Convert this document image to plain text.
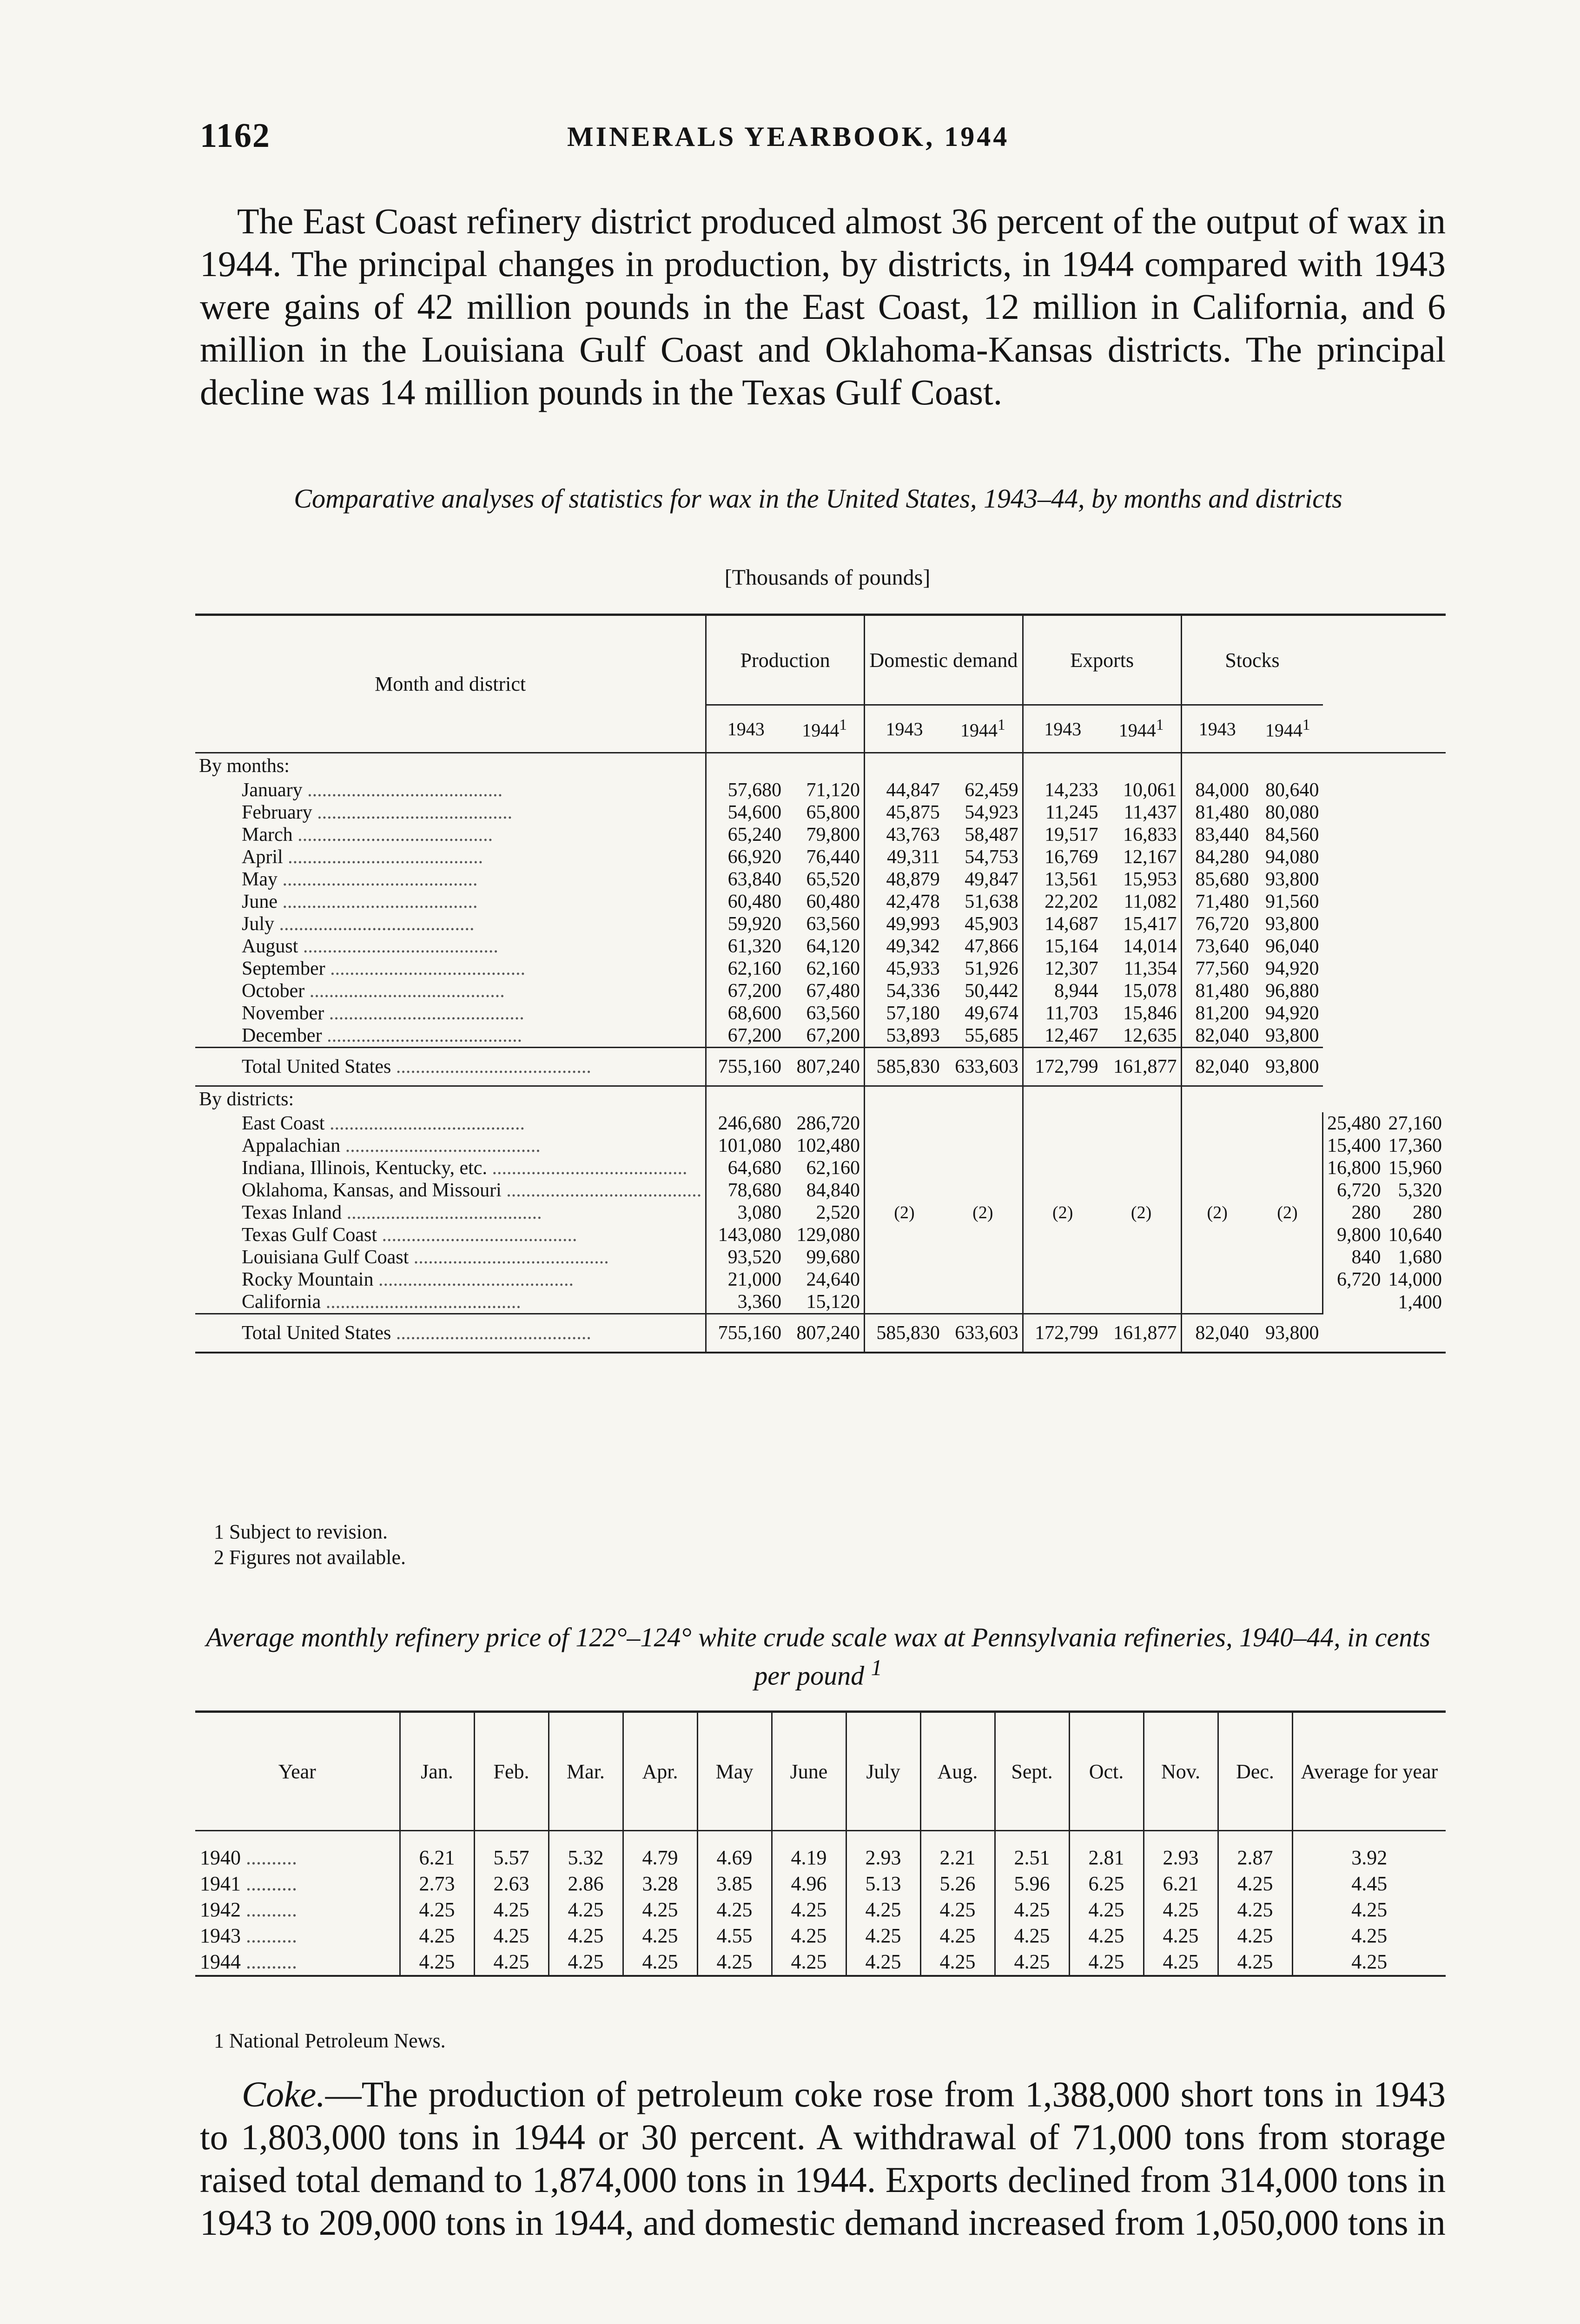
1162	MINERALS YEARBOOK, 1944

The East Coast refinery district produced almost 36 percent of the output of wax in 1944. The principal changes in production, by districts, in 1944 compared with 1943 were gains of 42 million pounds in the East Coast, 12 million in California, and 6 million in the Louisiana Gulf Coast and Oklahoma-Kansas districts. The principal decline was 14 million pounds in the Texas Gulf Coast.

Comparative analyses of statistics for wax in the United States, 1943–44, by months and districts
[Thousands of pounds]
Month and district	Production		Domestic demand		Exports		Stocks			
	1943	1944$^1$	1943	1944$^1$	1943	1944$^1$	1943	1944$^1$
By months:										
January ........................................	57,680	71,120	44,847	62,459	14,233	10,061	84,000	80,640		
February ........................................	54,600	65,800	45,875	54,923	11,245	11,437	81,480	80,080		
March ........................................	65,240	79,800	43,763	58,487	19,517	16,833	83,440	84,560		
April ........................................	66,920	76,440	49,311	54,753	16,769	12,167	84,280	94,080		
May ........................................	63,840	65,520	48,879	49,847	13,561	15,953	85,680	93,800		
June ........................................	60,480	60,480	42,478	51,638	22,202	11,082	71,480	91,560		
July ........................................	59,920	63,560	49,993	45,903	14,687	15,417	76,720	93,800		
August ........................................	61,320	64,120	49,342	47,866	15,164	14,014	73,640	96,040		
September ........................................	62,160	62,160	45,933	51,926	12,307	11,354	77,560	94,920		
October ........................................	67,200	67,480	54,336	50,442	8,944	15,078	81,480	96,880		
November ........................................	68,600	63,560	57,180	49,674	11,703	15,846	81,200	94,920		
December ........................................	67,200	67,200	53,893	55,685	12,467	12,635	82,040	93,800		
Total United States ........................................	755,160	807,240	585,830	633,603	172,799	161,877	82,040	93,800		
By districts:										
East Coast ........................................	246,680	286,720	(2)	(2)	(2)	(2)	(2)	(2)	25,480	27,160
Appalachian ........................................	101,080	102,480							15,400	17,360
Indiana, Illinois, Kentucky, etc. ........................................	64,680	62,160							16,800	15,960
Oklahoma, Kansas, and Missouri ........................................	78,680	84,840							6,720	5,320
Texas Inland ........................................	3,080	2,520							280	280
Texas Gulf Coast ........................................	143,080	129,080							9,800	10,640
Louisiana Gulf Coast ........................................	93,520	99,680							840	1,680
Rocky Mountain ........................................	21,000	24,640							6,720	14,000
California ........................................	3,360	15,120								1,400
Total United States ........................................	755,160	807,240	585,830	633,603	172,799	161,877	82,040	93,800		
1 Subject to revision.
2 Figures not available.
Average monthly refinery price of 122°–124° white crude scale wax at Pennsylvania refineries, 1940–44, in cents per pound $^1$
Year	Jan.	Feb.	Mar.	Apr.	May	June	July	Aug.	Sept.	Oct.	Nov.	Dec.	Average for year
1940 ..........	6.21	5.57	5.32	4.79	4.69	4.19	2.93	2.21	2.51	2.81	2.93	2.87	3.92
1941 ..........	2.73	2.63	2.86	3.28	3.85	4.96	5.13	5.26	5.96	6.25	6.21	4.25	4.45
1942 ..........	4.25	4.25	4.25	4.25	4.25	4.25	4.25	4.25	4.25	4.25	4.25	4.25	4.25
1943 ..........	4.25	4.25	4.25	4.25	4.55	4.25	4.25	4.25	4.25	4.25	4.25	4.25	4.25
1944 ..........	4.25	4.25	4.25	4.25	4.25	4.25	4.25	4.25	4.25	4.25	4.25	4.25	4.25
1 National Petroleum News.

Coke.—The production of petroleum coke rose from 1,388,000 short tons in 1943 to 1,803,000 tons in 1944 or 30 percent. A withdrawal of 71,000 tons from storage raised total demand to 1,874,000 tons in 1944. Exports declined from 314,000 tons in 1943 to 209,000 tons in 1944, and domestic demand increased from 1,050,000 tons in
